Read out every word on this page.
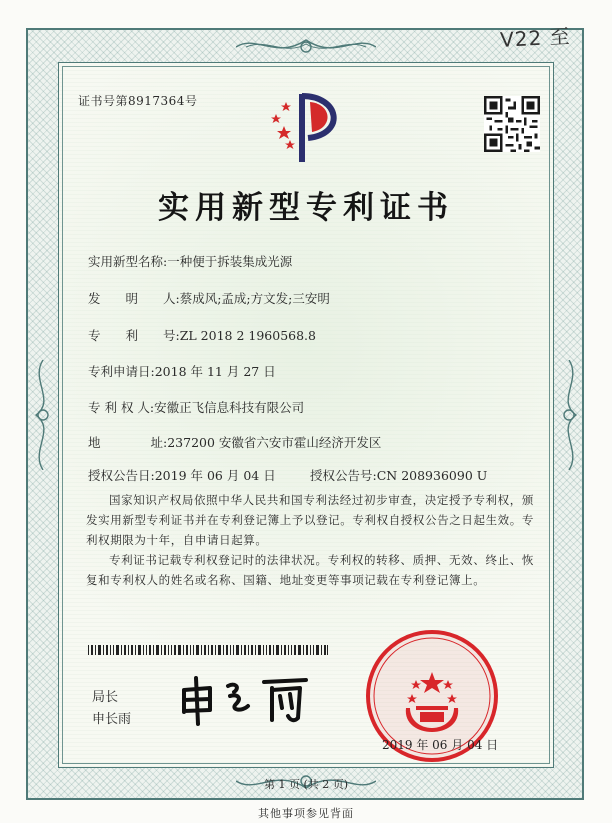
V22 ⾄
证书号第8917364号
实用新型专利证书
实用新型名称:一种便于拆装集成光源
发　　明　　人:蔡成风;孟成;方文发;三安明
专　　利　　号:ZL 2018 2 1960568.8
专利申请日:2018 年 11 月 27 日
专 利 权 人:安徽正飞信息科技有限公司
地　　　　址:237200 安徽省六安市霍山经济开发区
授权公告日:2019 年 06 月 04 日	授权公告号:CN 208936090 U
国家知识产权局依照中华人民共和国专利法经过初步审查，决定授予专利权，颁发实用新型专利证书并在专利登记簿上予以登记。专利权自授权公告之日起生效。专利权期限为十年，自申请日起算。
专利证书记载专利权登记时的法律状况。专利权的转移、质押、无效、终止、恢复和专利权人的姓名或名称、国籍、地址变更等事项记载在专利登记簿上。
局长
申长雨
2019 年 06 月 04 日
第 1 页 (共 2 页)
其他事项参见背面
